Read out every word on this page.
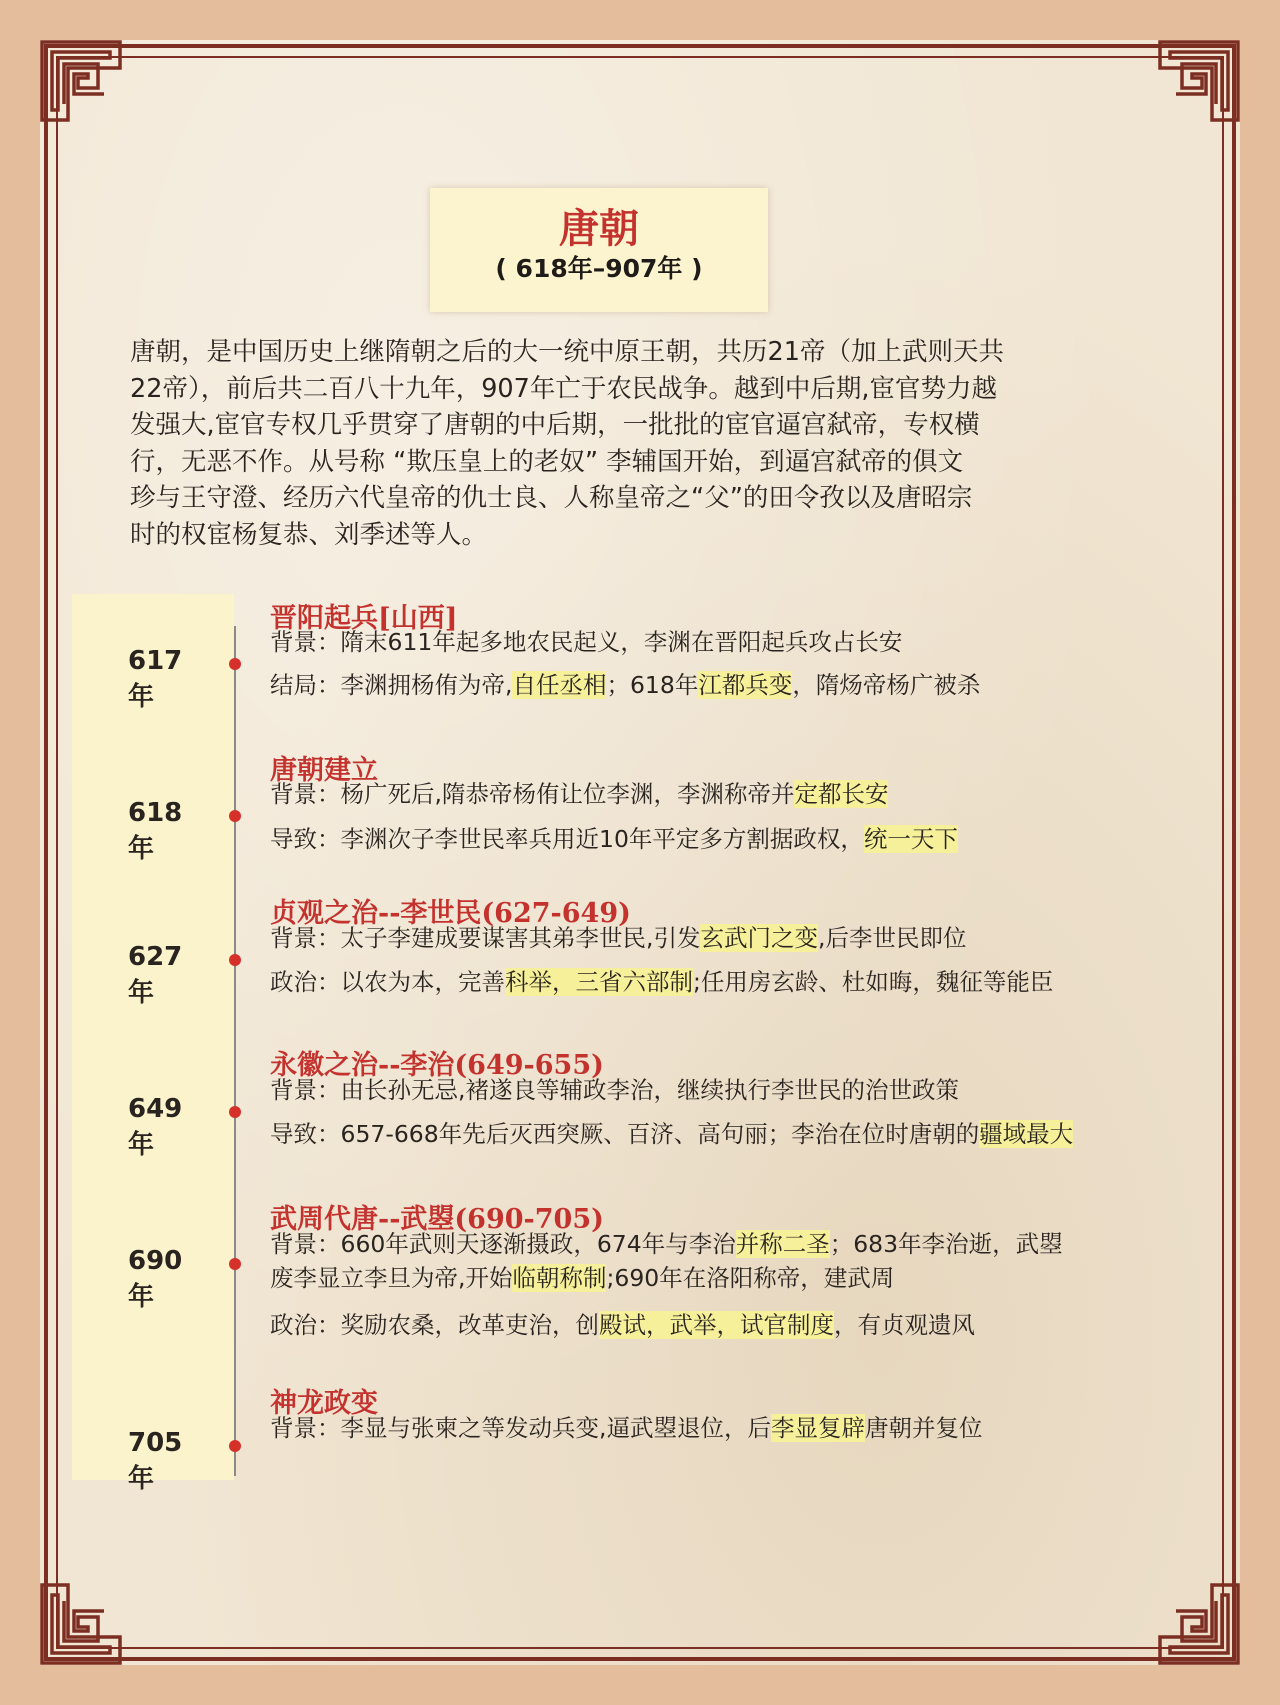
唐朝
( 618年–907年 )
唐朝，是中国历史上继隋朝之后的大一统中原王朝，共历21帝（加上武则天共
22帝），前后共二百八十九年，907年亡于农民战争。越到中后期,宦官势力越
发强大,宦官专权几乎贯穿了唐朝的中后期，一批批的宦官逼宫弑帝，专权横
行，无恶不作。从号称 “欺压皇上的老奴” 李辅国开始，到逼宫弑帝的俱文
珍与王守澄、经历六代皇帝的仇士良、人称皇帝之“父”的田令孜以及唐昭宗
时的权宦杨复恭、刘季述等人。
617年
晋阳起兵[山西]
背景：隋末611年起多地农民起义，李渊在晋阳起兵攻占长安
结局：李渊拥杨侑为帝,自任丞相；618年江都兵变，隋炀帝杨广被杀
618年
唐朝建立
背景：杨广死后,隋恭帝杨侑让位李渊，李渊称帝并定都长安
导致：李渊次子李世民率兵用近10年平定多方割据政权，统一天下
627年
贞观之治--李世民(627-649)
背景：太子李建成要谋害其弟李世民,引发玄武门之变,后李世民即位
政治：以农为本，完善科举，三省六部制;任用房玄龄、杜如晦，魏征等能臣
649年
永徽之治--李治(649-655)
背景：由长孙无忌,褚遂良等辅政李治，继续执行李世民的治世政策
导致：657-668年先后灭西突厥、百济、高句丽；李治在位时唐朝的疆域最大
690年
武周代唐--武曌(690-705)
背景：660年武则天逐渐摄政，674年与李治并称二圣；683年李治逝，武曌
废李显立李旦为帝,开始临朝称制;690年在洛阳称帝，建武周
政治：奖励农桑，改革吏治，创殿试，武举，试官制度，有贞观遗风
705年
神龙政变
背景：李显与张柬之等发动兵变,逼武曌退位，后李显复辟唐朝并复位
